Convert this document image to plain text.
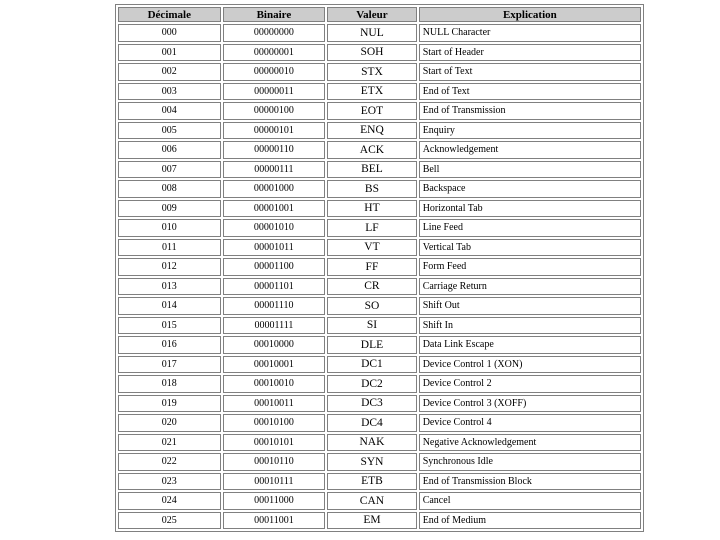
Décimale	Binaire	Valeur	Explication
000	00000000	NUL	NULL Character
001	00000001	SOH	Start of Header
002	00000010	STX	Start of Text
003	00000011	ETX	End of Text
004	00000100	EOT	End of Transmission
005	00000101	ENQ	Enquiry
006	00000110	ACK	Acknowledgement
007	00000111	BEL	Bell
008	00001000	BS	Backspace
009	00001001	HT	Horizontal Tab
010	00001010	LF	Line Feed
011	00001011	VT	Vertical Tab
012	00001100	FF	Form Feed
013	00001101	CR	Carriage Return
014	00001110	SO	Shift Out
015	00001111	SI	Shift In
016	00010000	DLE	Data Link Escape
017	00010001	DC1	Device Control 1 (XON)
018	00010010	DC2	Device Control 2
019	00010011	DC3	Device Control 3 (XOFF)
020	00010100	DC4	Device Control 4
021	00010101	NAK	Negative Acknowledgement
022	00010110	SYN	Synchronous Idle
023	00010111	ETB	End of Transmission Block
024	00011000	CAN	Cancel
025	00011001	EM	End of Medium
